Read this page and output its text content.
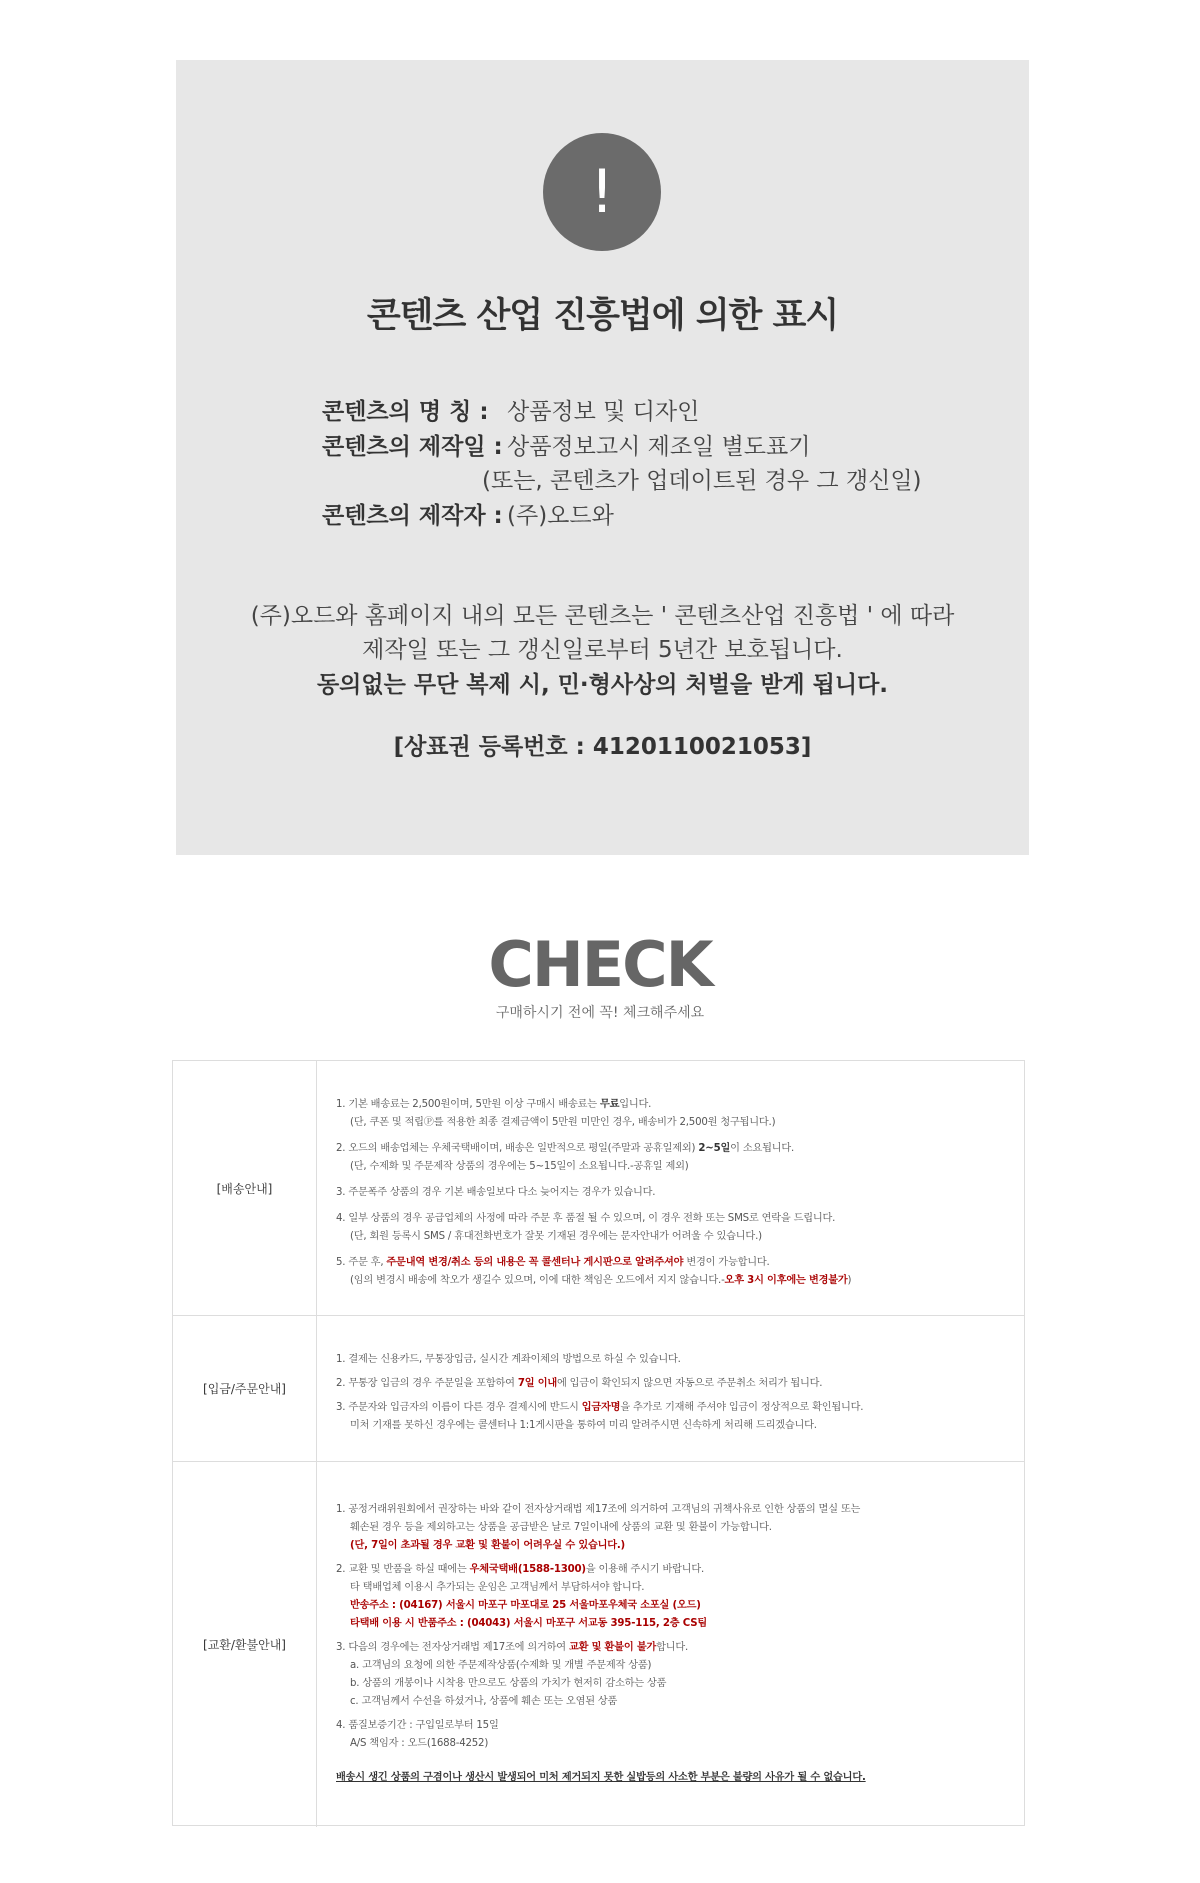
!
콘텐츠 산업 진흥법에 의한 표시
콘텐츠의 명 칭 : 상품정보 및 디자인
콘텐츠의 제작일 : 상품정보고시 제조일 별도표기
(또는, 콘텐츠가 업데이트된 경우 그 갱신일)
콘텐츠의 제작자 : (주)오드와
(주)오드와 홈페이지 내의 모든 콘텐츠는 ' 콘텐츠산업 진흥법 ' 에 따라
제작일 또는 그 갱신일로부터 5년간 보호됩니다.
동의없는 무단 복제 시, 민·형사상의 처벌을 받게 됩니다.
[상표권 등록번호 : 4120110021053]
CHECK
구매하시기 전에 꼭! 체크해주세요
[배송안내]
1. 기본 배송료는 2,500원이며, 5만원 이상 구매시 배송료는 무료입니다.
(단, 쿠폰 및 적립Ⓟ를 적용한 최종 결제금액이 5만원 미만인 경우, 배송비가 2,500원 청구됩니다.)
2. 오드의 배송업체는 우체국택배이며, 배송은 일반적으로 평일(주말과 공휴일제외) 2~5일이 소요됩니다.
(단, 수제화 및 주문제작 상품의 경우에는 5~15일이 소요됩니다.-공휴일 제외)
3. 주문폭주 상품의 경우 기본 배송일보다 다소 늦어지는 경우가 있습니다.
4. 일부 상품의 경우 공급업체의 사정에 따라 주문 후 품절 될 수 있으며, 이 경우 전화 또는 SMS로 연락을 드립니다.
(단, 회원 등록시 SMS / 휴대전화번호가 잘못 기재된 경우에는 문자안내가 어려울 수 있습니다.)
5. 주문 후, 주문내역 변경/취소 등의 내용은 꼭 콜센터나 게시판으로 알려주셔야 변경이 가능합니다.
(임의 변경시 배송에 착오가 생길수 있으며, 이에 대한 책임은 오드에서 지지 않습니다.-오후 3시 이후에는 변경불가)
[입금/주문안내]
1. 결제는 신용카드, 무통장입금, 실시간 계좌이체의 방법으로 하실 수 있습니다.
2. 무통장 입금의 경우 주문일을 포함하여 7일 이내에 입금이 확인되지 않으면 자동으로 주문취소 처리가 됩니다.
3. 주문자와 입금자의 이름이 다른 경우 결제시에 반드시 입금자명을 추가로 기재해 주셔야 입금이 정상적으로 확인됩니다.
미처 기재를 못하신 경우에는 콜센터나 1:1게시판을 통하여 미리 알려주시면 신속하게 처리해 드리겠습니다.
[교환/환불안내]
1. 공정거래위원회에서 권장하는 바와 같이 전자상거래법 제17조에 의거하여 고객님의 귀책사유로 인한 상품의 멸실 또는
훼손된 경우 등을 제외하고는 상품을 공급받은 날로 7일이내에 상품의 교환 및 환불이 가능합니다.
(단, 7일이 초과될 경우 교환 및 환불이 어려우실 수 있습니다.)
2. 교환 및 반품을 하실 때에는 우체국택배(1588-1300)을 이용해 주시기 바랍니다.
타 택배업체 이용시 추가되는 운임은 고객님께서 부담하셔야 합니다.
반송주소 : (04167) 서울시 마포구 마포대로 25 서울마포우체국 소포실 (오드)
타택배 이용 시 반품주소 : (04043) 서울시 마포구 서교동 395-115, 2층 CS팀
3. 다음의 경우에는 전자상거래법 제17조에 의거하여 교환 및 환불이 불가합니다.
a. 고객님의 요청에 의한 주문제작상품(수제화 및 개별 주문제작 상품)
b. 상품의 개봉이나 시착용 만으로도 상품의 가치가 현저히 감소하는 상품
c. 고객님께서 수선을 하셨거나, 상품에 훼손 또는 오염된 상품
4. 품질보증기간 : 구입일로부터 15일
A/S 책임자 : 오드(1688-4252)
배송시 생긴 상품의 구겸이나 생산시 발생되어 미처 제거되지 못한 실밥등의 사소한 부분은 불량의 사유가 될 수 없습니다.
